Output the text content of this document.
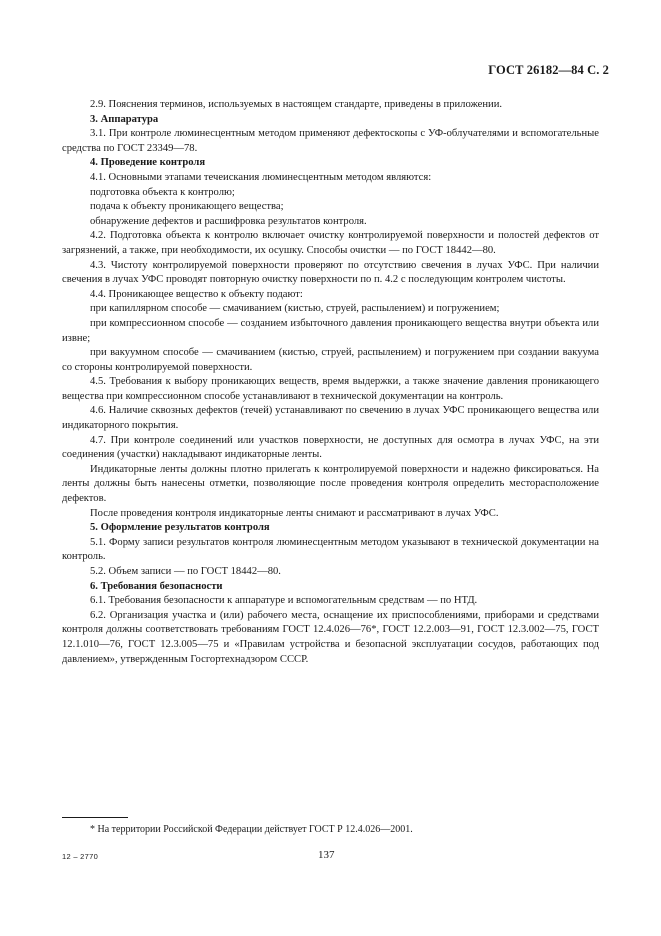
ГОСТ 26182—84 С. 2

2.9. Пояснения терминов, используемых в настоящем стандарте, приведены в приложении.

3. Аппаратура

3.1. При контроле люминесцентным методом применяют дефектоскопы с УФ-облучателями и вспомогательные средства по ГОСТ 23349—78.

4. Проведение контроля

4.1. Основными этапами течеискания люминесцентным методом являются:

подготовка объекта к контролю;

подача к объекту проникающего вещества;

обнаружение дефектов и расшифровка результатов контроля.

4.2. Подготовка объекта к контролю включает очистку контролируемой поверхности и полостей дефектов от загрязнений, а также, при необходимости, их осушку. Способы очистки — по ГОСТ 18442—80.

4.3. Чистоту контролируемой поверхности проверяют по отсутствию свечения в лучах УФС. При наличии свечения в лучах УФС проводят повторную очистку поверхности по п. 4.2 с последующим контролем чистоты.

4.4. Проникающее вещество к объекту подают:

при капиллярном способе — смачиванием (кистью, струей, распылением) и погружением;

при компрессионном способе — созданием избыточного давления проникающего вещества внутри объекта или извне;

при вакуумном способе — смачиванием (кистью, струей, распылением) и погружением при создании вакуума со стороны контролируемой поверхности.

4.5. Требования к выбору проникающих веществ, время выдержки, а также значение давления проникающего вещества при компрессионном способе устанавливают в технической документации на контроль.

4.6. Наличие сквозных дефектов (течей) устанавливают по свечению в лучах УФС проникающего вещества или индикаторного покрытия.

4.7. При контроле соединений или участков поверхности, не доступных для осмотра в лучах УФС, на эти соединения (участки) накладывают индикаторные ленты.

Индикаторные ленты должны плотно прилегать к контролируемой поверхности и надежно фиксироваться. На ленты должны быть нанесены отметки, позволяющие после проведения контроля определить месторасположение дефектов.

После проведения контроля индикаторные ленты снимают и рассматривают в лучах УФС.

5. Оформление результатов контроля

5.1. Форму записи результатов контроля люминесцентным методом указывают в технической документации на контроль.

5.2. Объем записи — по ГОСТ 18442—80.

6. Требования безопасности

6.1. Требования безопасности к аппаратуре и вспомогательным средствам — по НТД.

6.2. Организация участка и (или) рабочего места, оснащение их приспособлениями, приборами и средствами контроля должны соответствовать требованиям ГОСТ 12.4.026—76*, ГОСТ 12.2.003—91, ГОСТ 12.3.002—75, ГОСТ 12.1.010—76, ГОСТ 12.3.005—75 и «Правилам устройства и безопасной эксплуатации сосудов, работающих под давлением», утвержденным Госгортехнадзором СССР.

* На территории Российской Федерации действует ГОСТ Р 12.4.026—2001.
12 – 2770	137
